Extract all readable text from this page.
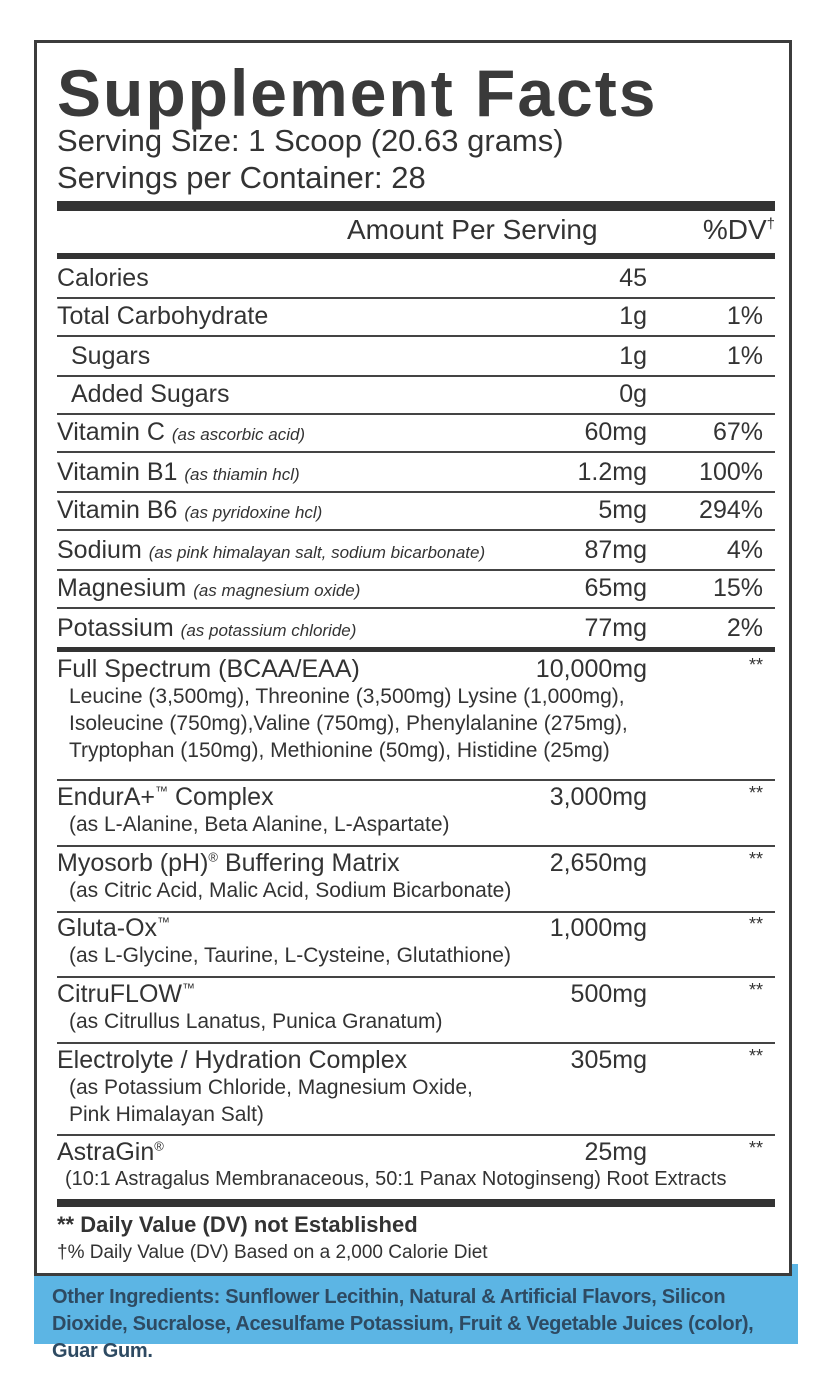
Supplement Facts
Serving Size: 1 Scoop (20.63 grams)
Servings per Container: 28
Amount Per Serving	%DV†
Calories	45
Total Carbohydrate	1g	1%
Sugars	1g	1%
Added Sugars	0g
Vitamin C (as ascorbic acid)	60mg	67%
Vitamin B1 (as thiamin hcl)	1.2mg 100%
Vitamin B6 (as pyridoxine hcl)	5mg 294%
Sodium (as pink himalayan salt, sodium bicarbonate)	87mg	4%
Magnesium (as magnesium oxide)	65mg	15%
Potassium (as potassium chloride)	77mg	2%
Full Spectrum (BCAA/EAA)	10,000mg	**
Leucine (3,500mg), Threonine (3,500mg) Lysine (1,000mg),
Isoleucine (750mg),Valine (750mg), Phenylalanine (275mg),
Tryptophan (150mg), Methionine (50mg), Histidine (25mg)
EndurA+™ Complex	3,000mg	**
(as L-Alanine, Beta Alanine, L-Aspartate)
Myosorb (pH)® Buffering Matrix	2,650mg	**
(as Citric Acid, Malic Acid, Sodium Bicarbonate)
Gluta-Ox™	1,000mg	**
(as L-Glycine, Taurine, L-Cysteine, Glutathione)
CitruFLOW™	500mg	**
(as Citrullus Lanatus, Punica Granatum)
Electrolyte / Hydration Complex	305mg	**
(as Potassium Chloride, Magnesium Oxide,
Pink Himalayan Salt)
AstraGin®	25mg	**
(10:1 Astragalus Membranaceous, 50:1 Panax Notoginseng) Root Extracts
** Daily Value (DV) not Established
†% Daily Value (DV) Based on a 2,000 Calorie Diet
Other Ingredients: Sunflower Lecithin, Natural & Artificial Flavors, Silicon Dioxide, Sucralose, Acesulfame Potassium, Fruit & Vegetable Juices (color), Guar Gum.
